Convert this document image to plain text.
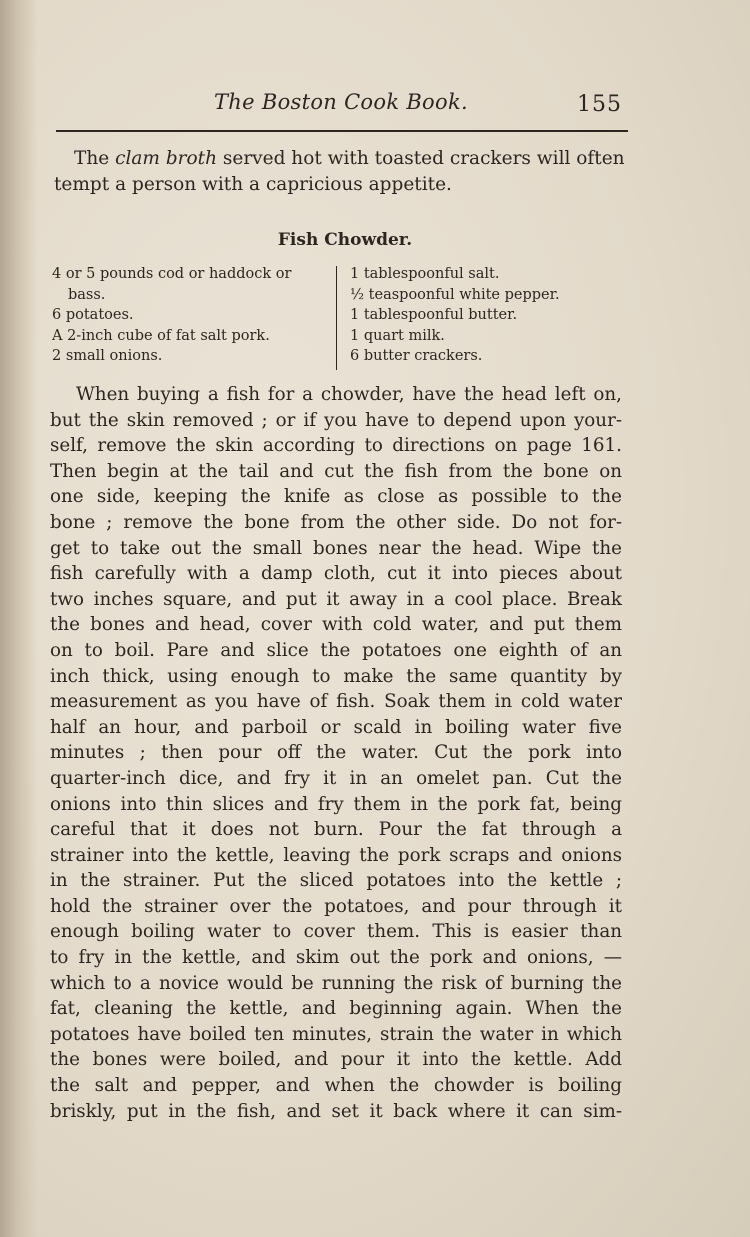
The Boston Cook Book.	155
The clam broth served hot with toasted crackers will often
tempt a person with a capricious appetite.
Fish Chowder.
4 or 5 pounds cod or haddock or
bass.
6 potatoes.
A 2-inch cube of fat salt pork.
2 small onions.
1 tablespoonful salt.
½ teaspoonful white pepper.
1 tablespoonful butter.
1 quart milk.
6 butter crackers.
When buying a fish for a chowder, have the head left on,
but the skin removed ; or if you have to depend upon your-
self, remove the skin according to directions on page 161.
Then begin at the tail and cut the fish from the bone on
one side, keeping the knife as close as possible to the
bone ; remove the bone from the other side. Do not for-
get to take out the small bones near the head. Wipe the
fish carefully with a damp cloth, cut it into pieces about
two inches square, and put it away in a cool place. Break
the bones and head, cover with cold water, and put them
on to boil. Pare and slice the potatoes one eighth of an
inch thick, using enough to make the same quantity by
measurement as you have of fish. Soak them in cold water
half an hour, and parboil or scald in boiling water five
minutes ; then pour off the water. Cut the pork into
quarter-inch dice, and fry it in an omelet pan. Cut the
onions into thin slices and fry them in the pork fat, being
careful that it does not burn. Pour the fat through a
strainer into the kettle, leaving the pork scraps and onions
in the strainer. Put the sliced potatoes into the kettle ;
hold the strainer over the potatoes, and pour through it
enough boiling water to cover them. This is easier than
to fry in the kettle, and skim out the pork and onions, —
which to a novice would be running the risk of burning the
fat, cleaning the kettle, and beginning again. When the
potatoes have boiled ten minutes, strain the water in which
the bones were boiled, and pour it into the kettle. Add
the salt and pepper, and when the chowder is boiling
briskly, put in the fish, and set it back where it can sim-
